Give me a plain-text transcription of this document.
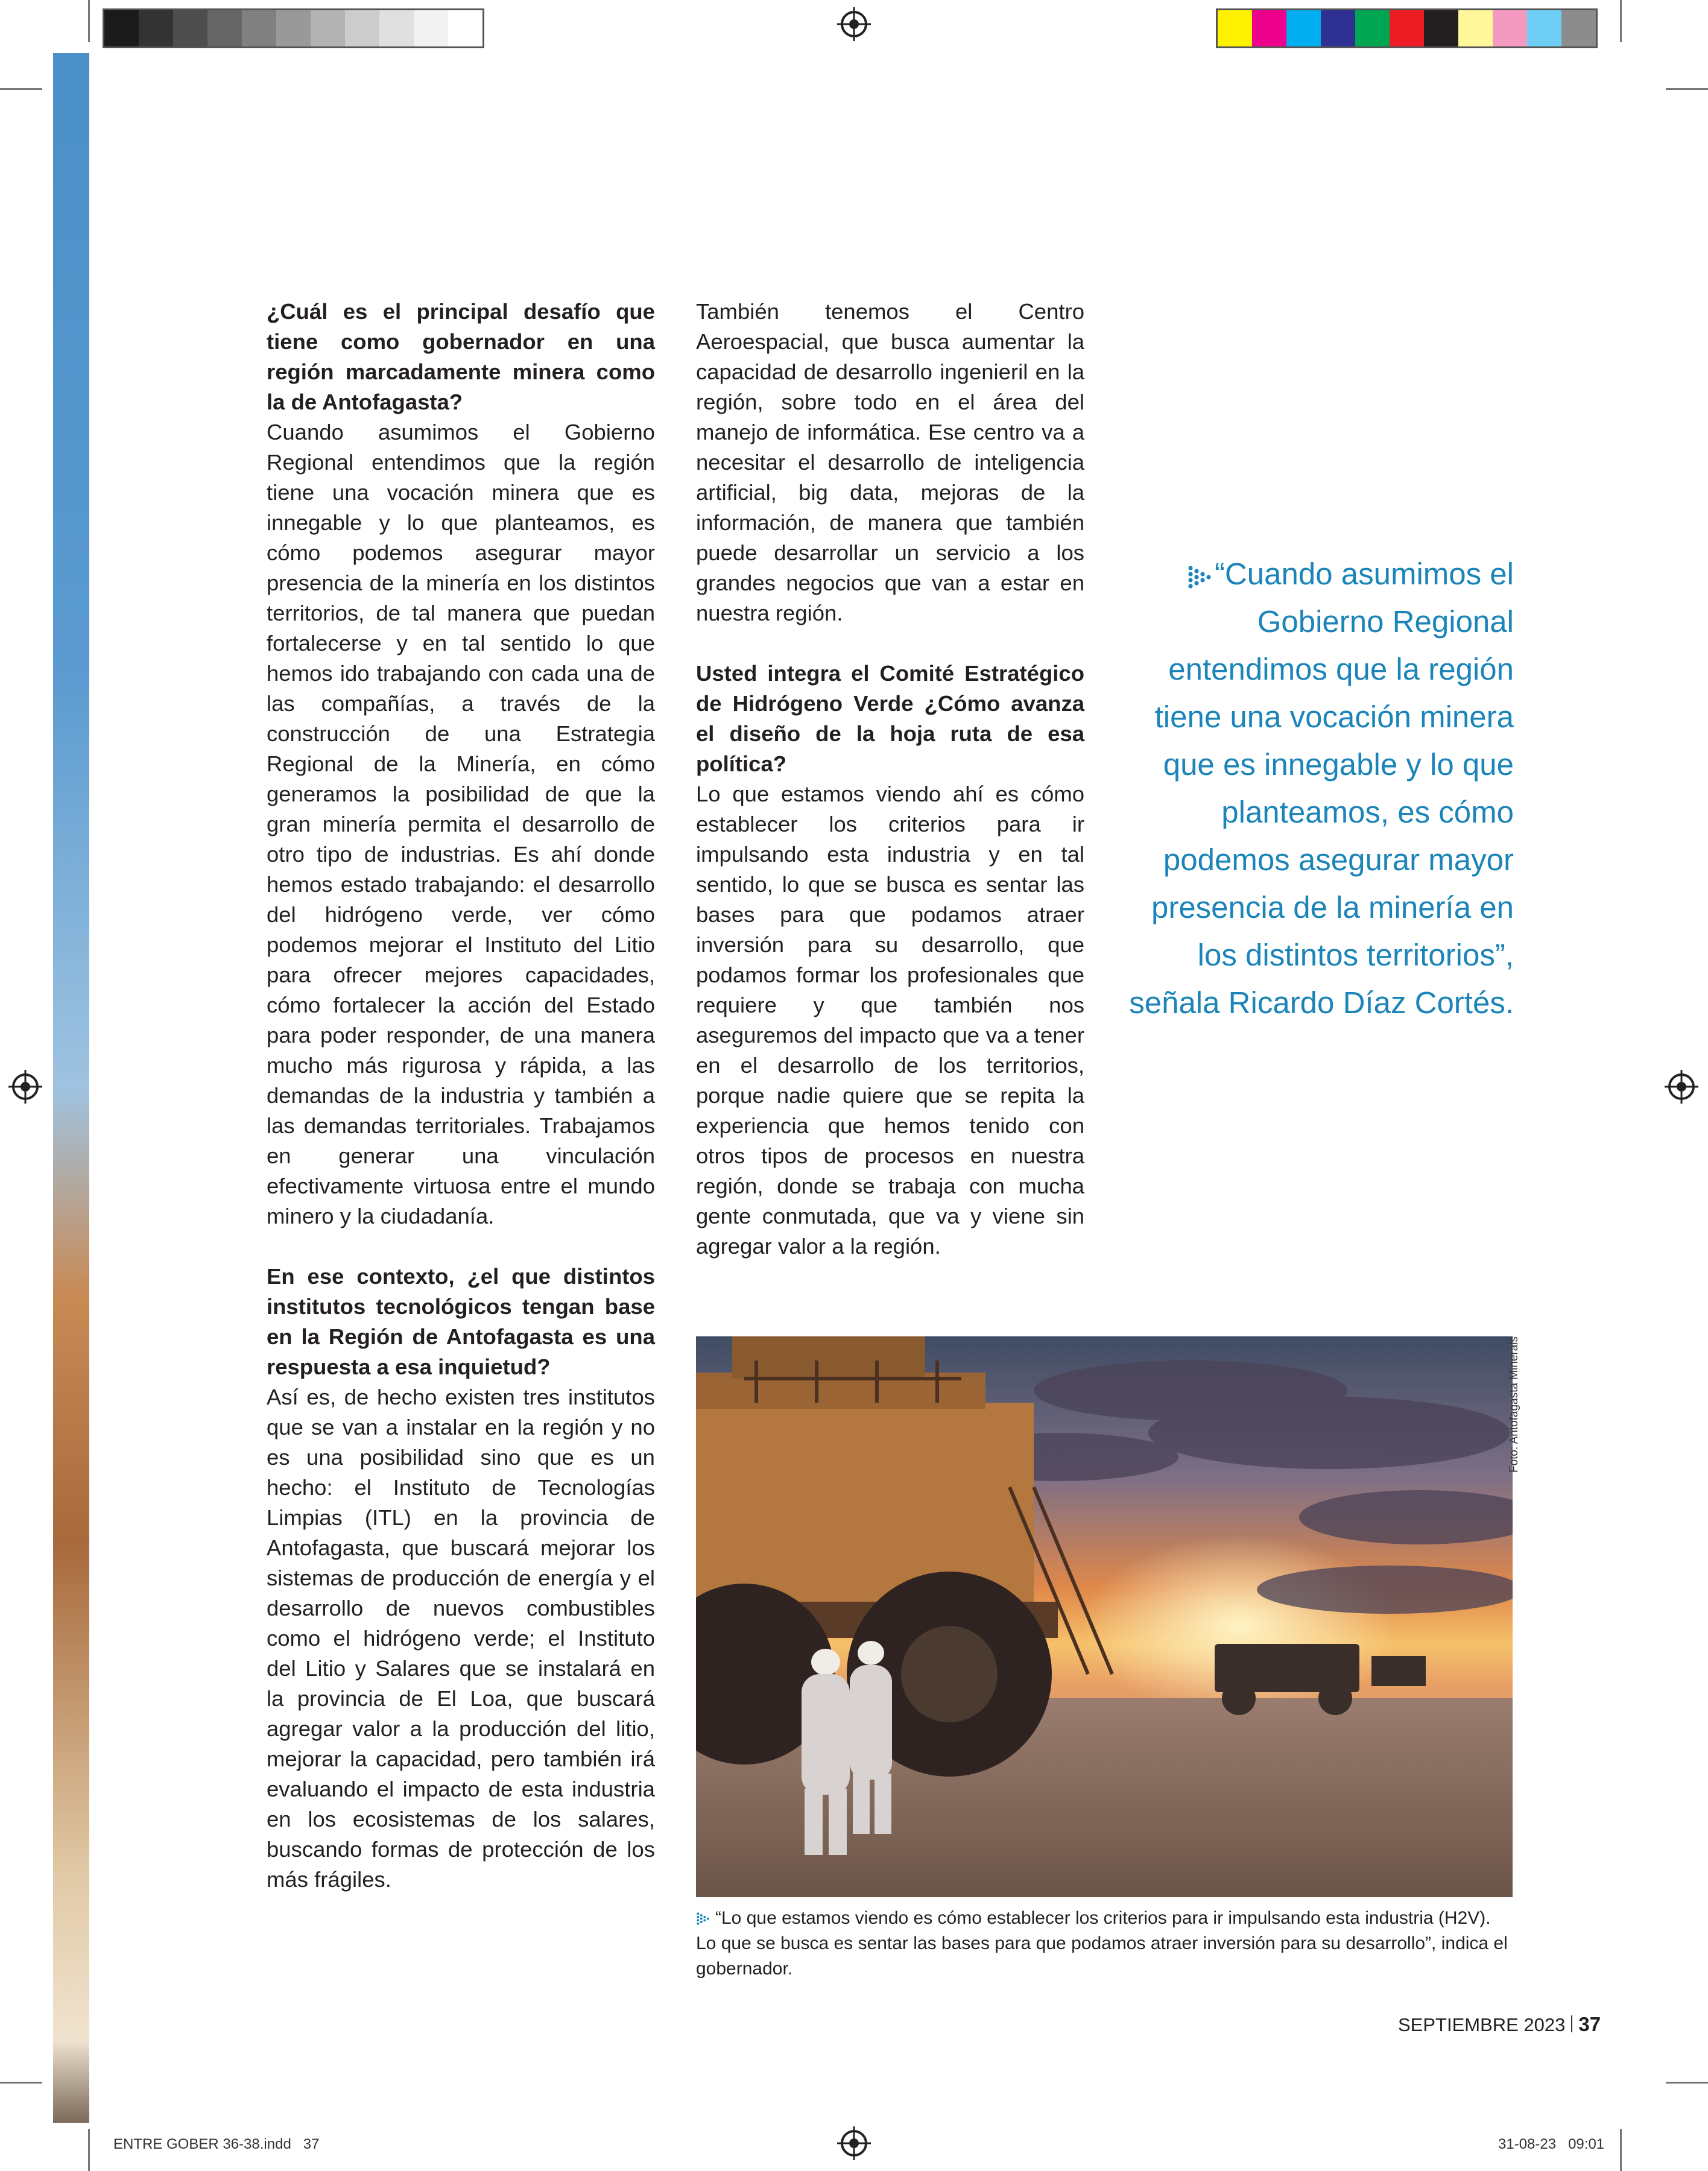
¿Cuál es el principal desafío que tiene como gobernador en una región marcadamente minera como la de Antofagasta?

Cuando asumimos el Gobierno Regional entendimos que la región tiene una vocación minera que es innegable y lo que planteamos, es cómo podemos asegurar mayor presencia de la minería en los distintos territorios, de tal manera que puedan fortalecerse y en tal sentido lo que hemos ido trabajando con cada una de las compañías, a través de la construcción de una Estrategia Regional de la Minería, en cómo generamos la posibilidad de que la gran minería permita el desarrollo de otro tipo de industrias. Es ahí donde hemos estado trabajando: el desarrollo del hidrógeno verde, ver cómo podemos mejorar el Instituto del Litio para ofrecer mejores capacidades, cómo fortalecer la acción del Estado para poder responder, de una manera mucho más rigurosa y rápida, a las demandas de la industria y también a las demandas territoriales. Trabajamos en generar una vinculación efectivamente virtuosa entre el mundo minero y la ciudadanía.

En ese contexto, ¿el que distintos institutos tecnológicos tengan base en la Región de Antofagasta es una respuesta a esa inquietud?

Así es, de hecho existen tres institutos que se van a instalar en la región y no es una posibilidad sino que es un hecho: el Instituto de Tecnologías Limpias (ITL) en la provincia de Antofagasta, que buscará mejorar los sistemas de producción de energía y el desarrollo de nuevos combustibles como el hidrógeno verde; el Instituto del Litio y Salares que se instalará en la provincia de El Loa, que buscará agregar valor a la producción del litio, mejorar la capacidad, pero también irá evaluando el impacto de esta industria en los ecosistemas de los salares, buscando formas de protección de los más frágiles.

También tenemos el Centro Aeroespacial, que busca aumentar la capacidad de desarrollo ingenieril en la región, sobre todo en el área del manejo de informática. Ese centro va a necesitar el desarrollo de inteligencia artificial, big data, mejoras de la información, de manera que también puede desarrollar un servicio a los grandes negocios que van a estar en nuestra región.

Usted integra el Comité Estratégico de Hidrógeno Verde ¿Cómo avanza el diseño de la hoja ruta de esa política?

Lo que estamos viendo ahí es cómo establecer los criterios para ir impulsando esta industria y en tal sentido, lo que se busca es sentar las bases para que podamos atraer inversión para su desarrollo, que podamos formar los profesionales que requiere y que también nos aseguremos del impacto que va a tener en el desarrollo de los territorios, porque nadie quiere que se repita la experiencia que hemos tenido con otros tipos de procesos en nuestra región, donde se trabaja con mucha gente conmutada, que va y viene sin agregar valor a la región.

“Cuando asumimos el Gobierno Regional entendimos que la región tiene una vocación minera que es innegable y lo que planteamos, es cómo podemos asegurar mayor presencia de la minería en los distintos territorios”, señala Ricardo Díaz Cortés.
Foto: Antofagasta Minerals
“Lo que estamos viendo es cómo establecer los criterios para ir impulsando esta industria (H2V). Lo que se busca es sentar las bases para que podamos atraer inversión para su desarrollo”, indica el gobernador.
SEPTIEMBRE 2023 37
ENTRE GOBER 36-38.indd   37	31-08-23   09:01
